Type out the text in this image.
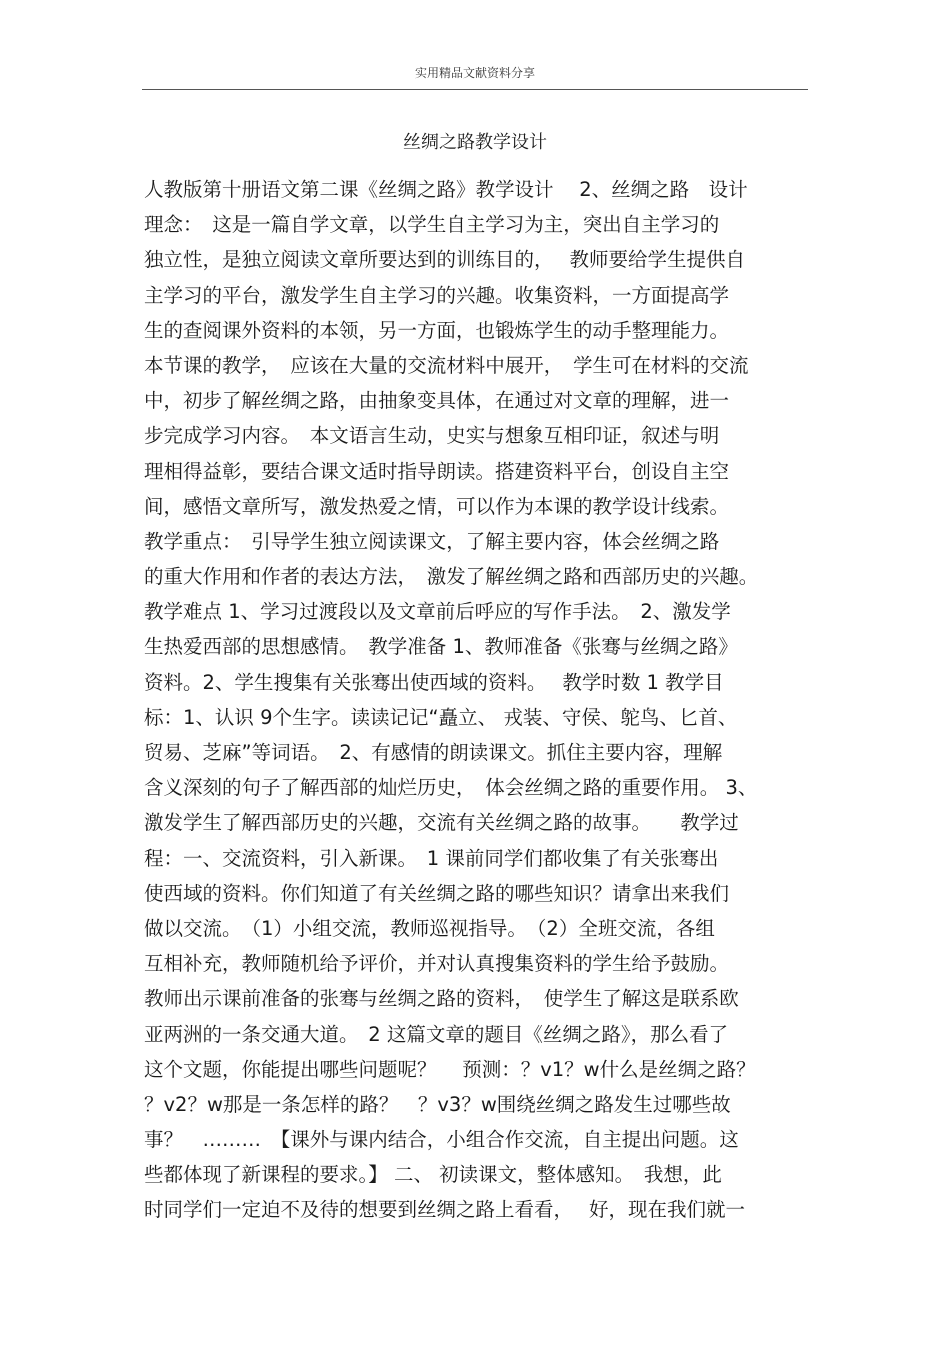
实用精品文献资料分享
丝绸之路教学设计
人教版第十册语文第二课《丝绸之路》教学设计　 2、丝绸之路　设计
理念：　这是一篇自学文章，以学生自主学习为主，突出自主学习的
独立性，是独立阅读文章所要达到的训练目的，　 教师要给学生提供自
主学习的平台，激发学生自主学习的兴趣。收集资料，一方面提高学
生的查阅课外资料的本领，另一方面，也锻炼学生的动手整理能力。
本节课的教学，　应该在大量的交流材料中展开，　学生可在材料的交流
中，初步了解丝绸之路，由抽象变具体，在通过对文章的理解，进一
步完成学习内容。　本文语言生动，史实与想象互相印证，叙述与明
理相得益彰，要结合课文适时指导朗读。搭建资料平台，创设自主空
间，感悟文章所写，激发热爱之情，可以作为本课的教学设计线索。
教学重点：　引导学生独立阅读课文，了解主要内容，体会丝绸之路
的重大作用和作者的表达方法，　激发了解丝绸之路和西部历史的兴趣。
教学难点 1、学习过渡段以及文章前后呼应的写作手法。　2、激发学
生热爱西部的思想感情。　教学准备 1、教师准备《张骞与丝绸之路》
资料。2、学生搜集有关张骞出使西域的资料。　 教学时数 1 教学目
标：1、认识 9个生字。读读记记“矗立、 戎装、守侯、鸵鸟、匕首、
贸易、芝麻”等词语。　2、有感情的朗读课文。抓住主要内容，理解
含义深刻的句子了解西部的灿烂历史，　体会丝绸之路的重要作用。 3、
激发学生了解西部历史的兴趣，交流有关丝绸之路的故事。　　教学过
程：一、交流资料，引入新课。　1 课前同学们都收集了有关张骞出
使西域的资料。你们知道了有关丝绸之路的哪些知识？请拿出来我们
做以交流。　（1）小组交流，教师巡视指导。　（2）全班交流，各组
互相补充，教师随机给予评价，并对认真搜集资料的学生给予鼓励。
教师出示课前准备的张骞与丝绸之路的资料，　使学生了解这是联系欧
亚两洲的一条交通大道。　2 这篇文章的题目《丝绸之路》，那么看了
这个文题，你能提出哪些问题呢？　 预测：？v1？w什么是丝绸之路？
？v2？w那是一条怎样的路？　？v3？w围绕丝绸之路发生过哪些故
事？　………　【课外与课内结合，小组合作交流，自主提出问题。这
些都体现了新课程的要求。】 二、 初读课文，整体感知。　我想，此
时同学们一定迫不及待的想要到丝绸之路上看看，　 好，现在我们就一
